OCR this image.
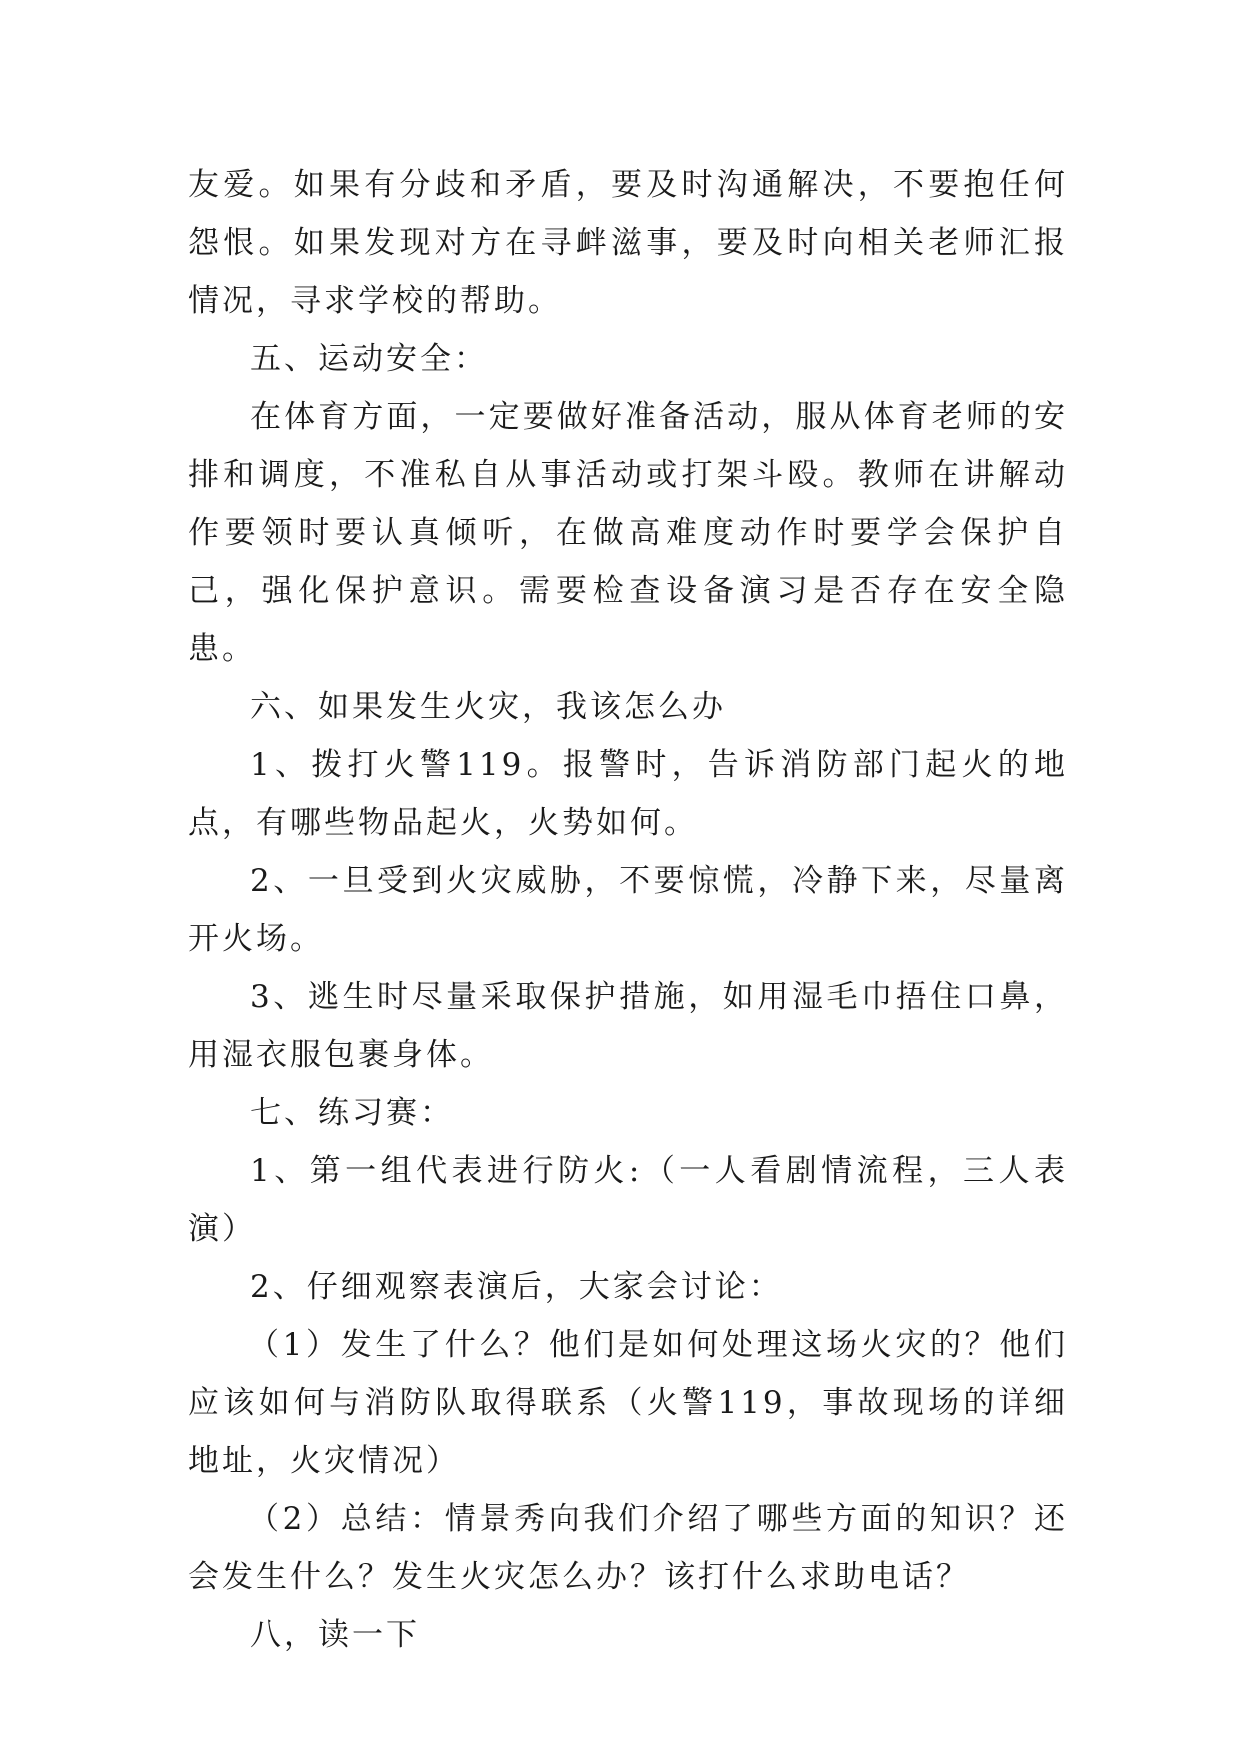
友爱。如果有分歧和矛盾，要及时沟通解决，不要抱任何怨恨。如果发现对方在寻衅滋事，要及时向相关老师汇报情况，寻求学校的帮助。

五、运动安全：

在体育方面，一定要做好准备活动，服从体育老师的安排和调度，不准私自从事活动或打架斗殴。教师在讲解动作要领时要认真倾听，在做高难度动作时要学会保护自己，强化保护意识。需要检查设备演习是否存在安全隐患。

六、如果发生火灾，我该怎么办

1、拨打火警119。报警时，告诉消防部门起火的地点，有哪些物品起火，火势如何。

2、一旦受到火灾威胁，不要惊慌，冷静下来，尽量离开火场。

3、逃生时尽量采取保护措施，如用湿毛巾捂住口鼻，用湿衣服包裹身体。

七、练习赛：

1、第一组代表进行防火:（一人看剧情流程，三人表演）

2、仔细观察表演后，大家会讨论：

（1）发生了什么？他们是如何处理这场火灾的？他们应该如何与消防队取得联系（火警119，事故现场的详细地址，火灾情况）

（2）总结：情景秀向我们介绍了哪些方面的知识？还会发生什么？发生火灾怎么办？该打什么求助电话？

八，读一下
